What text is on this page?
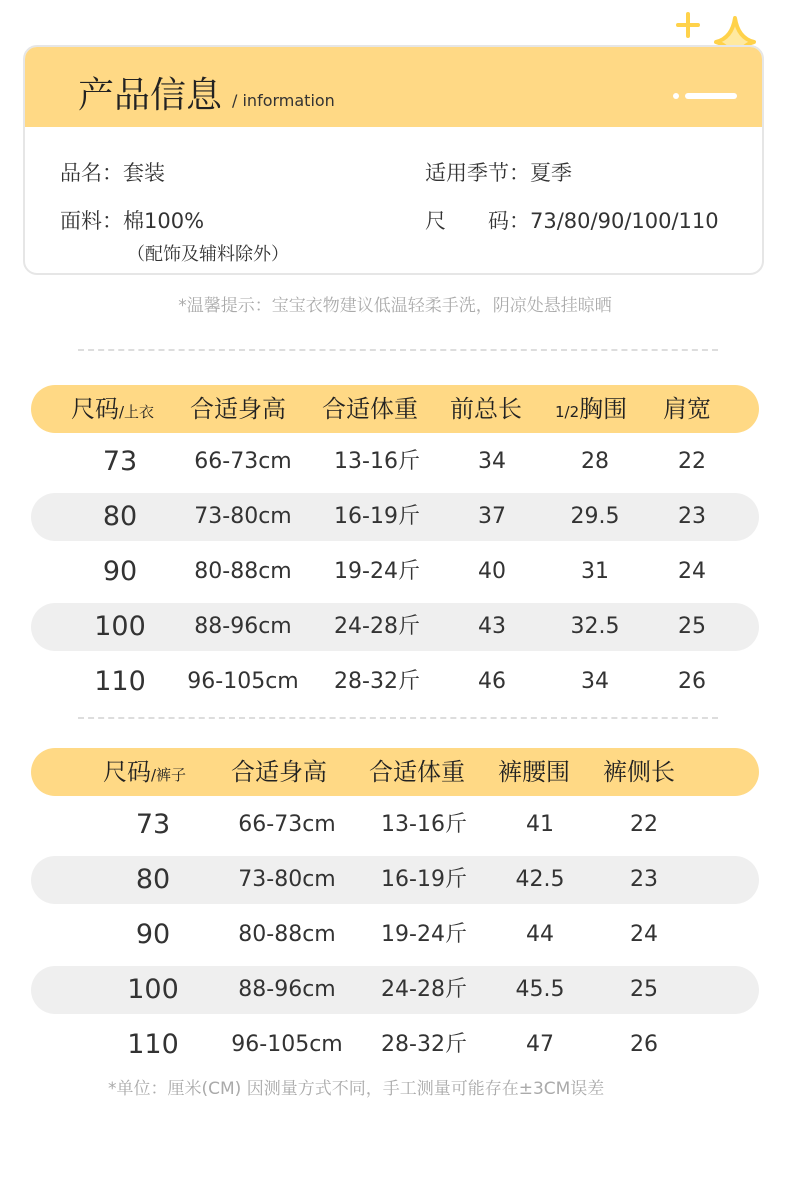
产品信息 / information
品名：套装	适用季节：夏季
面料：棉100%
（配饰及辅料除外）
尺　　码：73/80/90/100/110
*温馨提示：宝宝衣物建议低温轻柔手洗，阴凉处悬挂晾晒
尺码/上衣 合适身高 合适体重 前总长 1/2胸围 肩宽
73	66-73cm 13-16斤	34	28	22
80	73-80cm 16-19斤	37	29.5	23
90	80-88cm 19-24斤	40	31	24
100 88-96cm 24-28斤	43	32.5	25
110 96-105cm 28-32斤	46	34	26
尺码/裤子 合适身高 合适体重 裤腰围 裤侧长
73	66-73cm 13-16斤	41	22
80	73-80cm 16-19斤 42.5	23
90	80-88cm 19-24斤	44	24
100	88-96cm 24-28斤 45.5	25
110 96-105cm 28-32斤	47	26
*单位：厘米(CM) 因测量方式不同，手工测量可能存在±3CM误差
